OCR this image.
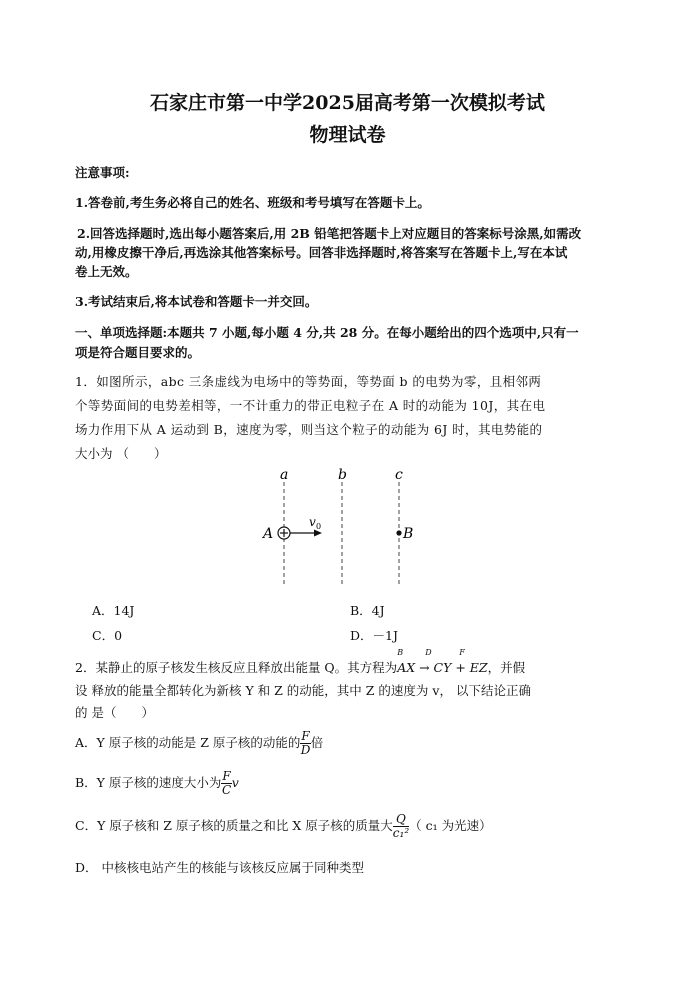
石家庄市第一中学2025届高考第一次模拟考试
物理试卷
注意事项:
1.答卷前,考生务必将自己的姓名、班级和考号填写在答题卡上。
2.回答选择题时,选出每小题答案后,用 2B 铅笔把答题卡上对应题目的答案标号涂黑,如需改
动,用橡皮擦干净后,再选涂其他答案标号。回答非选择题时,将答案写在答题卡上,写在本试
卷上无效。
3.考试结束后,将本试卷和答题卡一并交回。
一、单项选择题:本题共 7 小题,每小题 4 分,共 28 分。在每小题给出的四个选项中,只有一
项是符合题目要求的。
1．如图所示，abc 三条虚线为电场中的等势面，等势面 b 的电势为零，且相邻两
个等势面间的电势差相等，一不计重力的带正电粒子在 A 时的动能为 10J，其在电
场力作用下从 A 运动到 B，速度为零，则当这个粒子的动能为 6J 时，其电势能的
大小为 （　　）
a	b	c
A
v 0	B
A．14J	B．4J
C．0	D．－1J
2．某静止的原子核发生核反应且释放出能量 Q。其方程为
B	D	F
AX → CY + EZ，并假
设 释放的能量全都转化为新核 Y 和 Z 的动能，其中 Z 的速度为 v， 以下结论正确
的 是（　　）
A．Y 原子核的动能是 Z 原子核的动能的 $\frac{F}{D}$ 倍
B．Y 原子核的速度大小为 $\frac{F}{C}$ v
C．Y 原子核和 Z 原子核的质量之和比 X 原子核的质量大 $\frac{Q}{\text{c₁²}}$ （ c₁ 为光速）
D． 中核核电站产生的核能与该核反应属于同种类型
